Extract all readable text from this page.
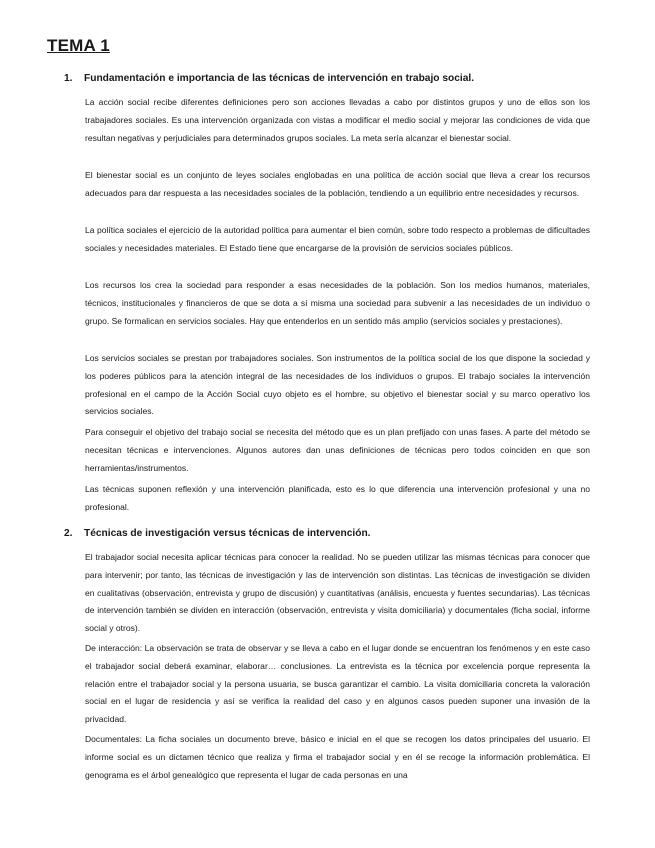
TEMA 1
1. Fundamentación e importancia de las técnicas de intervención en trabajo social.

La acción social recibe diferentes definiciones pero son acciones llevadas a cabo por distintos grupos y uno de ellos son los trabajadores sociales. Es una intervención organizada con vistas a modificar el medio social y mejorar las condiciones de vida que resultan negativas y perjudiciales para determinados grupos sociales. La meta sería alcanzar el bienestar social.

El bienestar social es un conjunto de leyes sociales englobadas en una política de acción social que lleva a crear los recursos adecuados para dar respuesta a las necesidades sociales de la población, tendiendo a un equilibrio entre necesidades y recursos.

La política sociales el ejercicio de la autoridad política para aumentar el bien común, sobre todo respecto a problemas de dificultades sociales y necesidades materiales. El Estado tiene que encargarse de la provisión de servicios sociales públicos.

Los recursos los crea la sociedad para responder a esas necesidades de la población. Son los medios humanos, materiales, técnicos, institucionales y financieros de que se dota a sí misma una sociedad para subvenir a las necesidades de un individuo o grupo. Se formalican en servicios sociales. Hay que entenderlos en un sentido más amplio (servicios sociales y prestaciones).

Los servicios sociales se prestan por trabajadores sociales. Son instrumentos de la política social de los que dispone la sociedad y los poderes públicos para la atención integral de las necesidades de los individuos o grupos. El trabajo sociales la intervención profesional en el campo de la Acción Social cuyo objeto es el hombre, su objetivo el bienestar social y su marco operativo los servicios sociales.

Para conseguir el objetivo del trabajo social se necesita del método que es un plan prefijado con unas fases. A parte del método se necesitan técnicas e intervenciones. Algunos autores dan unas definiciones de técnicas pero todos coinciden en que son herramientas/instrumentos.

Las técnicas suponen reflexión y una intervención planificada, esto es lo que diferencia una intervención profesional y una no profesional.

2. Técnicas de investigación versus técnicas de intervención.

El trabajador social necesita aplicar técnicas para conocer la realidad. No se pueden utilizar las mismas técnicas para conocer que para intervenir; por tanto, las técnicas de investigación y las de intervención son distintas. Las técnicas de investigación se dividen en cualitativas (observación, entrevista y grupo de discusión) y cuantitativas (análisis, encuesta y fuentes secundarias). Las técnicas de intervención también se dividen en interacción (observación, entrevista y visita domiciliaria) y documentales (ficha social, informe social y otros).

De interacción: La observación se trata de observar y se lleva a cabo en el lugar donde se encuentran los fenómenos y en este caso el trabajador social deberá examinar, elaborar… conclusiones. La entrevista es la técnica por excelencia porque representa la relación entre el trabajador social y la persona usuaria, se busca garantizar el cambio. La visita domiciliaria concreta la valoración social en el lugar de residencia y así se verifica la realidad del caso y en algunos casos pueden suponer una invasión de la privacidad.

Documentales: La ficha sociales un documento breve, básico e inicial en el que se recogen los datos principales del usuario. El informe social es un dictamen técnico que realiza y firma el trabajador social y en él se recoge la información problemática. El genograma es el árbol genealógico que representa el lugar de cada personas en una
